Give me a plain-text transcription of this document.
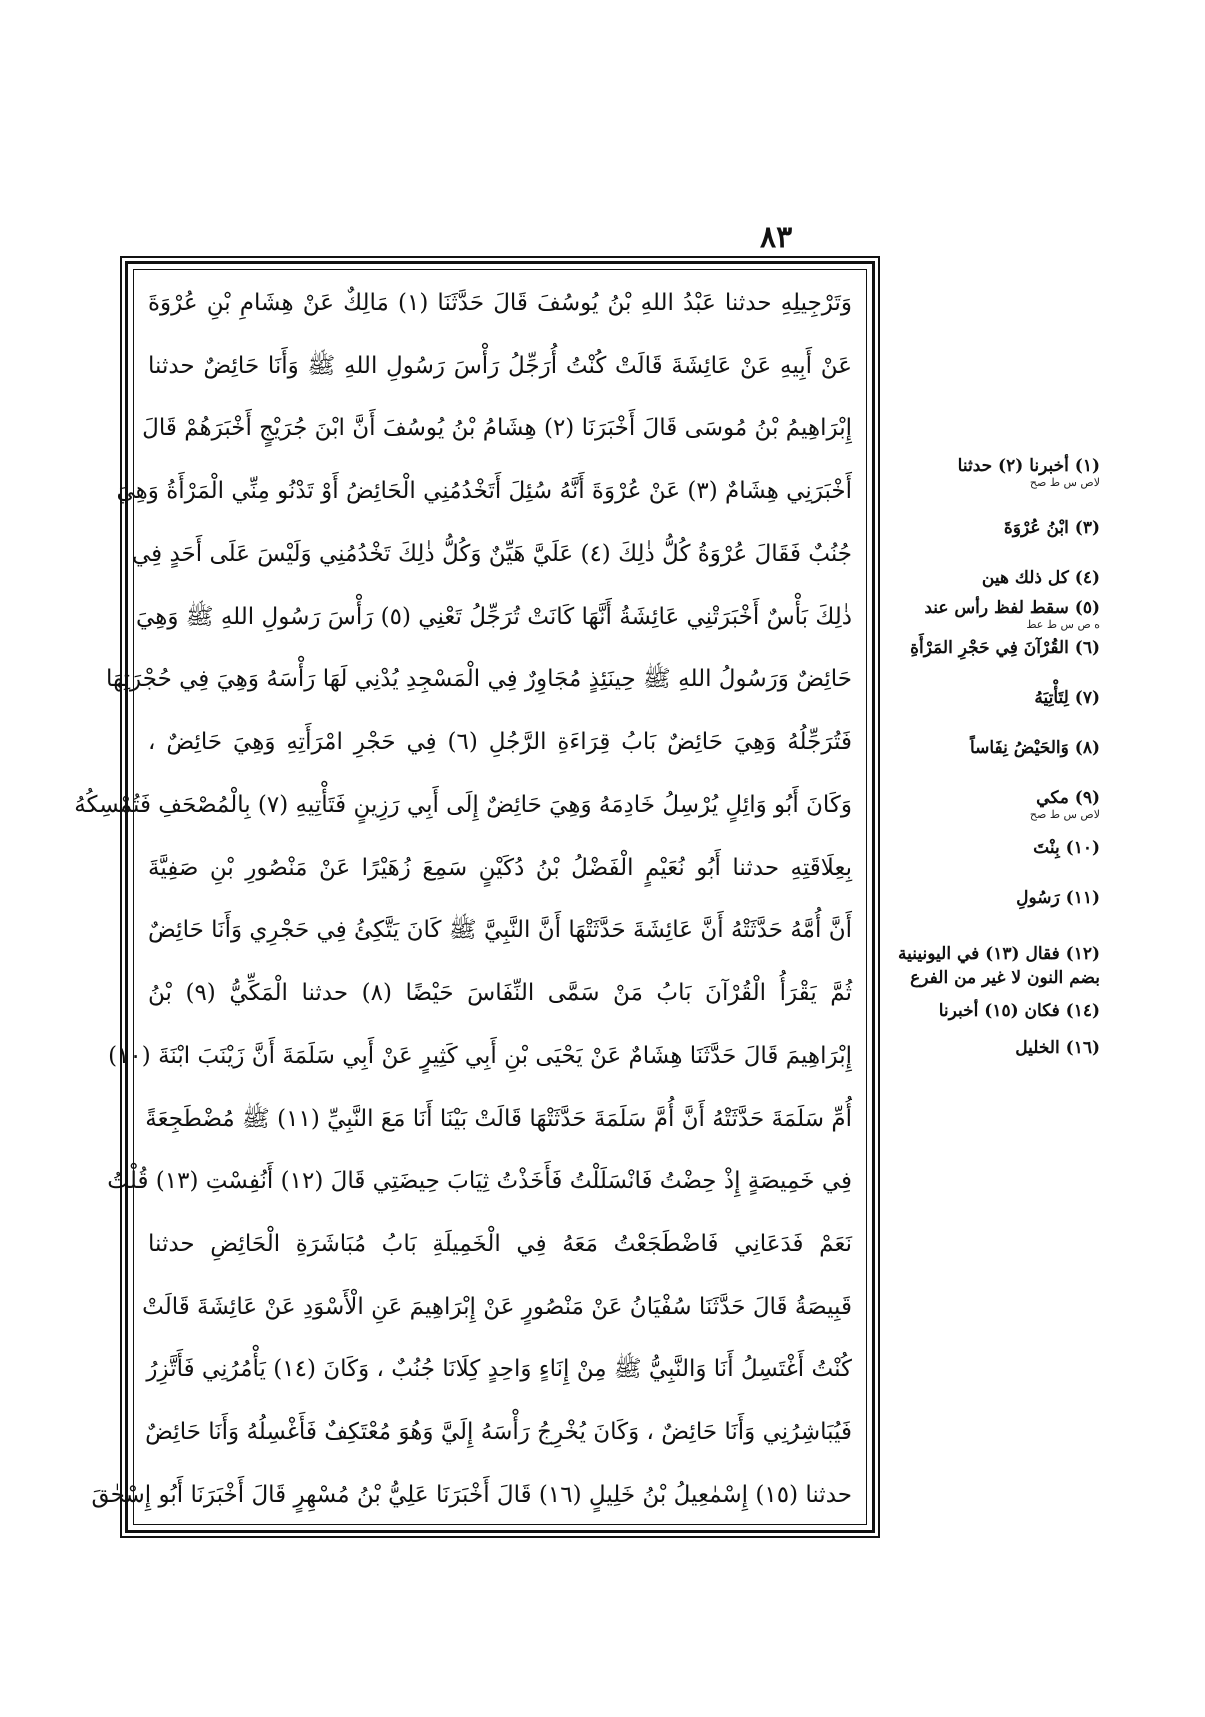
٨٣
وَتَرْجِيلِهِ حدثنا عَبْدُ اللهِ بْنُ يُوسُفَ قَالَ حَدَّثَنَا (١) مَالِكٌ عَنْ هِشَامِ بْنِ عُرْوَةَ
عَنْ أَبِيهِ عَنْ عَائِشَةَ قَالَتْ كُنْتُ أُرَجِّلُ رَأْسَ رَسُولِ اللهِ ﷺ وَأَنَا حَائِضٌ حدثنا
إِبْرَاهِيمُ بْنُ مُوسَى قَالَ أَخْبَرَنَا (٢) هِشَامُ بْنُ يُوسُفَ أَنَّ ابْنَ جُرَيْجٍ أَخْبَرَهُمْ قَالَ
أَخْبَرَنِي هِشَامٌ (٣) عَنْ عُرْوَةَ أَنَّهُ سُئِلَ أَتَخْدُمُنِي الْحَائِضُ أَوْ تَدْنُو مِنِّي الْمَرْأَةُ وَهِيَ
جُنُبٌ فَقَالَ عُرْوَةُ كُلُّ ذٰلِكَ (٤) عَلَيَّ هَيِّنٌ وَكُلُّ ذٰلِكَ تَخْدُمُنِي وَلَيْسَ عَلَى أَحَدٍ فِي
ذٰلِكَ بَأْسٌ أَخْبَرَتْنِي عَائِشَةُ أَنَّهَا كَانَتْ تُرَجِّلُ تَعْنِي (٥) رَأْسَ رَسُولِ اللهِ ﷺ وَهِيَ
حَائِضٌ وَرَسُولُ اللهِ ﷺ حِينَئِذٍ مُجَاوِرٌ فِي الْمَسْجِدِ يُدْنِي لَهَا رَأْسَهُ وَهِيَ فِي حُجْرَتِهَا
فَتُرَجِّلُهُ وَهِيَ حَائِضٌ بَابُ قِرَاءَةِ الرَّجُلِ (٦) فِي حَجْرِ امْرَأَتِهِ وَهِيَ حَائِضٌ ،
وَكَانَ أَبُو وَائِلٍ يُرْسِلُ خَادِمَهُ وَهِيَ حَائِضٌ إِلَى أَبِي رَزِينٍ فَتَأْتِيهِ (٧) بِالْمُصْحَفِ فَتُمْسِكُهُ
بِعِلَاقَتِهِ حدثنا أَبُو نُعَيْمٍ الْفَضْلُ بْنُ دُكَيْنٍ سَمِعَ زُهَيْرًا عَنْ مَنْصُورِ بْنِ صَفِيَّةَ
أَنَّ أُمَّهُ حَدَّثَتْهُ أَنَّ عَائِشَةَ حَدَّثَتْهَا أَنَّ النَّبِيَّ ﷺ كَانَ يَتَّكِئُ فِي حَجْرِي وَأَنَا حَائِضٌ
ثُمَّ يَقْرَأُ الْقُرْآنَ بَابُ مَنْ سَمَّى النِّفَاسَ حَيْضًا (٨) حدثنا الْمَكِّيُّ (٩) بْنُ
إِبْرَاهِيمَ قَالَ حَدَّثَنَا هِشَامٌ عَنْ يَحْيَى بْنِ أَبِي كَثِيرٍ عَنْ أَبِي سَلَمَةَ أَنَّ زَيْنَبَ ابْنَةَ (١٠)
أُمِّ سَلَمَةَ حَدَّثَتْهُ أَنَّ أُمَّ سَلَمَةَ حَدَّثَتْهَا قَالَتْ بَيْنَا أَنَا مَعَ النَّبِيِّ (١١) ﷺ مُضْطَجِعَةً
فِي خَمِيصَةٍ إِذْ حِضْتُ فَانْسَلَلْتُ فَأَخَذْتُ ثِيَابَ حِيضَتِي قَالَ (١٢) أَنُفِسْتِ (١٣) قُلْتُ
نَعَمْ فَدَعَانِي فَاضْطَجَعْتُ مَعَهُ فِي الْخَمِيلَةِ بَابُ مُبَاشَرَةِ الْحَائِضِ حدثنا
قَبِيصَةُ قَالَ حَدَّثَنَا سُفْيَانُ عَنْ مَنْصُورٍ عَنْ إِبْرَاهِيمَ عَنِ الْأَسْوَدِ عَنْ عَائِشَةَ قَالَتْ
كُنْتُ أَغْتَسِلُ أَنَا وَالنَّبِيُّ ﷺ مِنْ إِنَاءٍ وَاحِدٍ كِلَانَا جُنُبٌ ، وَكَانَ (١٤) يَأْمُرُنِي فَأَتَّزِرُ
فَيُبَاشِرُنِي وَأَنَا حَائِضٌ ، وَكَانَ يُخْرِجُ رَأْسَهُ إِلَيَّ وَهُوَ مُعْتَكِفٌ فَأَغْسِلُهُ وَأَنَا حَائِضٌ
حدثنا (١٥) إِسْمٰعِيلُ بْنُ خَلِيلٍ (١٦) قَالَ أَخْبَرَنَا عَلِيُّ بْنُ مُسْهِرٍ قَالَ أَخْبَرَنَا أَبُو إِسْحٰقَ
(١) أخبرنا (٢) حدثنا
لاص س ط صح
(٣) ابْنُ عُرْوَةَ
(٤) كل ذلك هين
(٥) سقط لفظ رأس عند
ه ص س ط عط
(٦) القُرْآنَ فِي حَجْرِ المَرْأَةِ
(٧) لِتَأْتِيَهُ
(٨) وَالحَيْضُ نِفَاساً
(٩) مكي
لاص س ط صح
(١٠) بِنْتَ
(١١) رَسُولِ
(١٢) فقال (١٣) في اليونينية
بضم النون لا غير من الفرع
(١٤) فكان (١٥) أخبرنا
(١٦) الخليل
